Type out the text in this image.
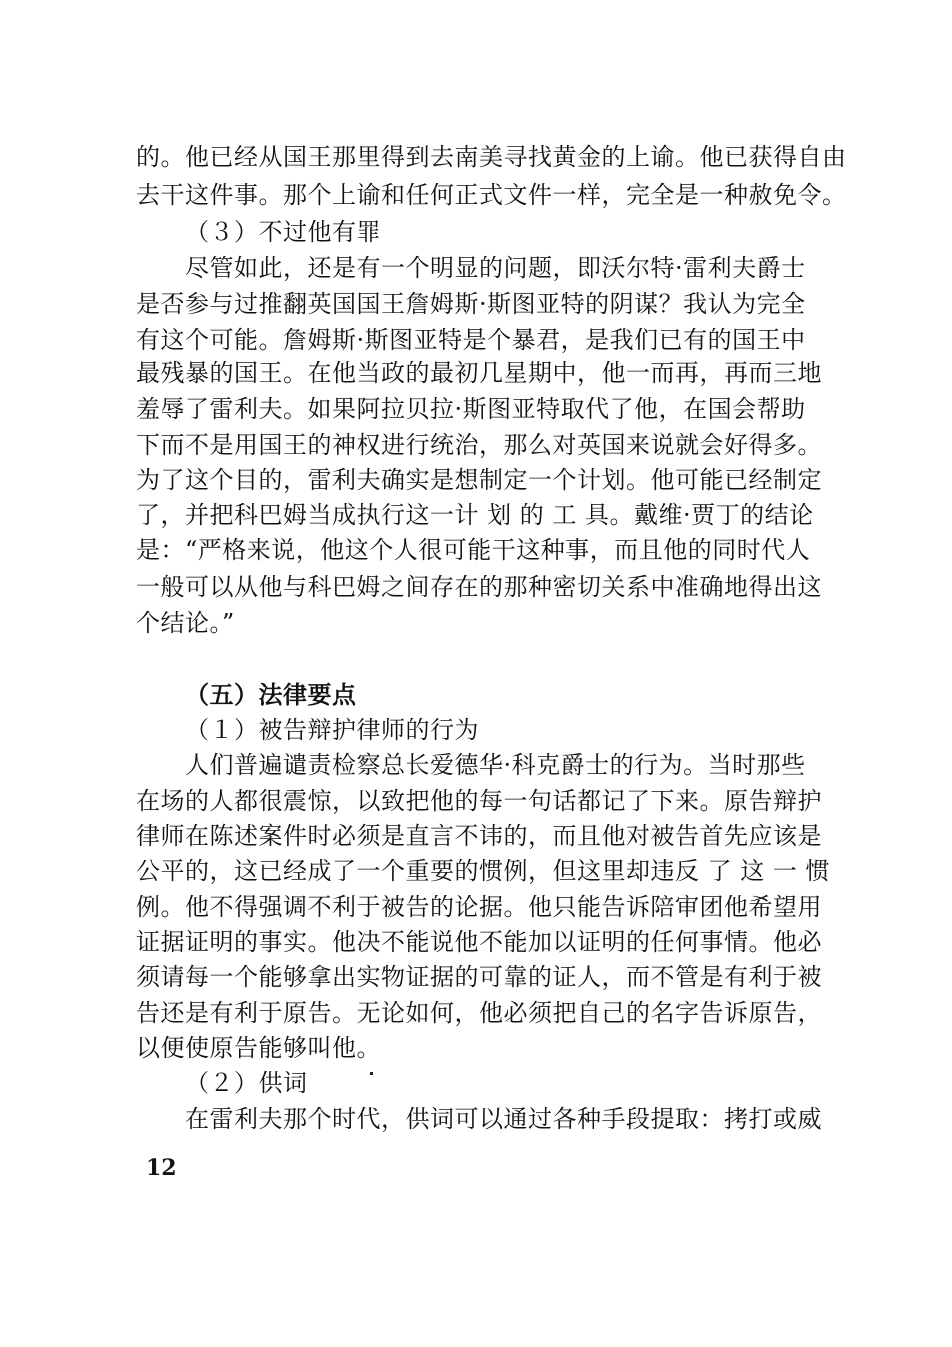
的。他已经从国王那里得到去南美寻找黄金的上谕。他已获得自由
去干这件事。那个上谕和任何正式文件一样，完全是一种赦免令。
（３）不过他有罪
尽管如此，还是有一个明显的问题，即沃尔特·雷利夫爵士
是否参与过推翻英国国王詹姆斯·斯图亚特的阴谋？我认为完全
有这个可能。詹姆斯·斯图亚特是个暴君，是我们已有的国王中
最残暴的国王。在他当政的最初几星期中，他一而再，再而三地
羞辱了雷利夫。如果阿拉贝拉·斯图亚特取代了他，在国会帮助
下而不是用国王的神权进行统治，那么对英国来说就会好得多。
为了这个目的，雷利夫确实是想制定一个计划。他可能已经制定
了，并把科巴姆当成执行这一计 划 的 工 具。戴维·贾丁的结论
是：“严格来说，他这个人很可能干这种事，而且他的同时代人
一般可以从他与科巴姆之间存在的那种密切关系中准确地得出这
个结论。”
（五）法律要点
（１）被告辩护律师的行为
人们普遍谴责检察总长爱德华·科克爵士的行为。当时那些
在场的人都很震惊，以致把他的每一句话都记了下来。原告辩护
律师在陈述案件时必须是直言不讳的，而且他对被告首先应该是
公平的，这已经成了一个重要的惯例，但这里却违反 了 这 一 惯
例。他不得强调不利于被告的论据。他只能告诉陪审团他希望用
证据证明的事实。他决不能说他不能加以证明的任何事情。他必
须请每一个能够拿出实物证据的可靠的证人，而不管是有利于被
告还是有利于原告。无论如何，他必须把自己的名字告诉原告，
以便使原告能够叫他。
（２）供词
在雷利夫那个时代，供词可以通过各种手段提取：拷打或威
12
